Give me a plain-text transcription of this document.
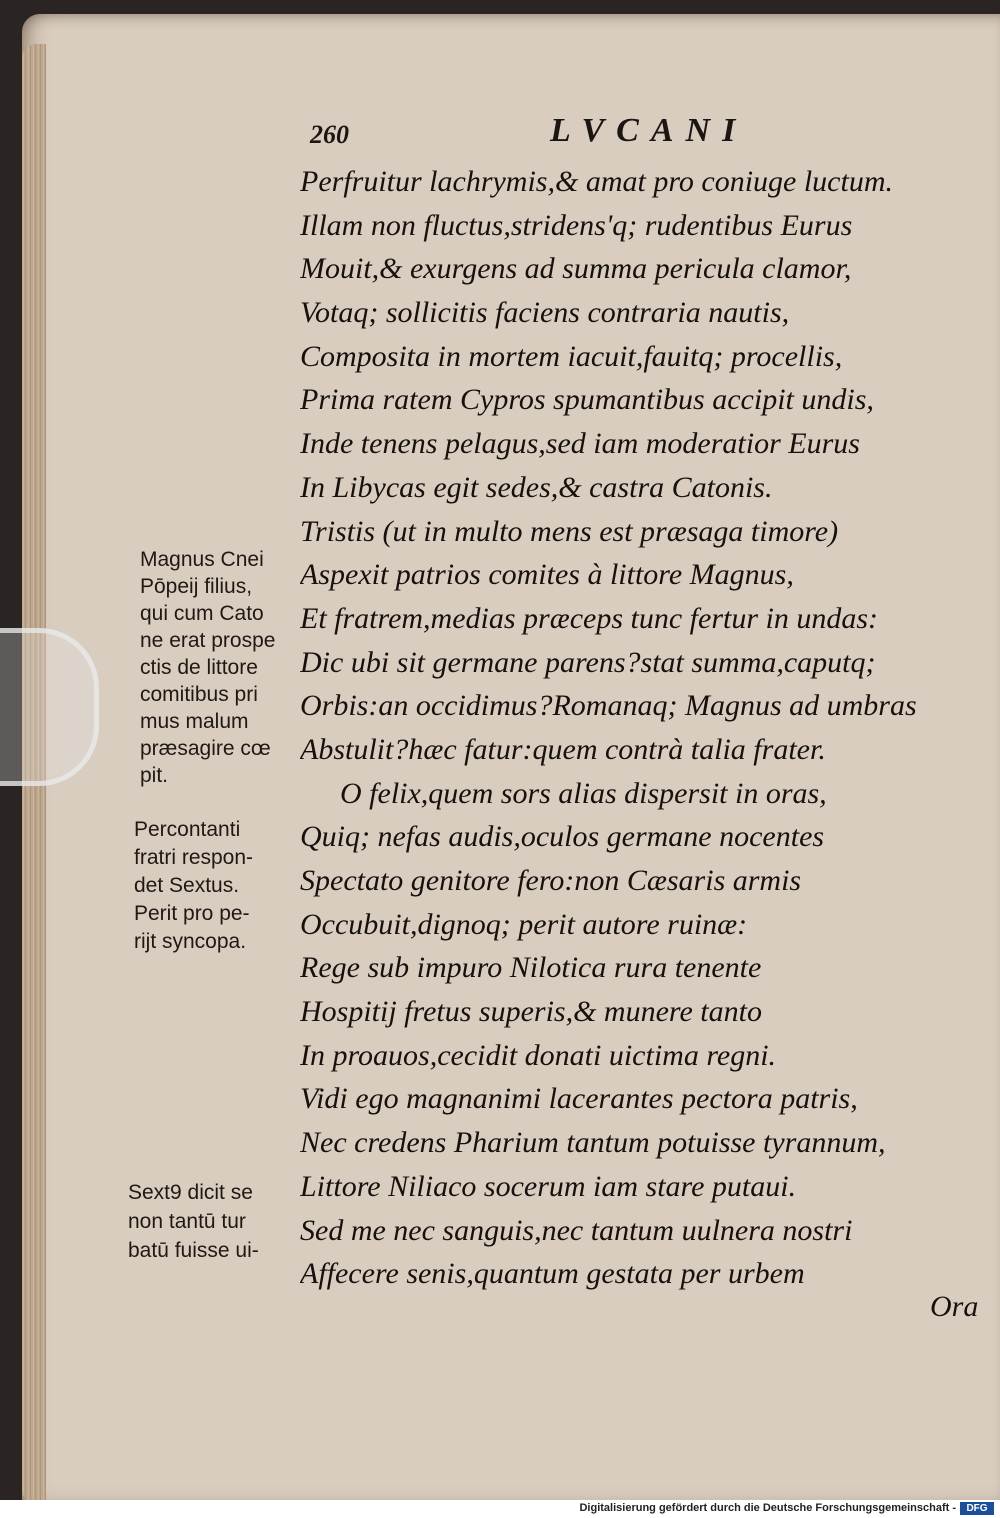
260	LVCANI
Perfruitur lachrymis,& amat pro coniuge luctum.
Illam non fluctus,stridens'q; rudentibus Eurus
Mouit,& exurgens ad summa pericula clamor,
Votaq; sollicitis faciens contraria nautis,
Composita in mortem iacuit,fauitq; procellis,
Prima ratem Cypros spumantibus accipit undis,
Inde tenens pelagus,sed iam moderatior Eurus
In Libycas egit sedes,& castra Catonis.
Tristis (ut in multo mens est præsaga timore)
Aspexit patrios comites à littore Magnus,
Et fratrem,medias præceps tunc fertur in undas:
Dic ubi sit germane parens?stat summa,caputq;
Orbis:an occidimus?Romanaq; Magnus ad umbras
Abstulit?hæc fatur:quem contrà talia frater.
O felix,quem sors alias dispersit in oras,
Quiq; nefas audis,oculos germane nocentes
Spectato genitore fero:non Cæsaris armis
Occubuit,dignoq; perit autore ruinæ:
Rege sub impuro Nilotica rura tenente
Hospitij fretus superis,& munere tanto
In proauos,cecidit donati uictima regni.
Vidi ego magnanimi lacerantes pectora patris,
Nec credens Pharium tantum potuisse tyrannum,
Littore Niliaco socerum iam stare putaui.
Sed me nec sanguis,nec tantum uulnera nostri
Affecere senis,quantum gestata per urbem
Magnus Cnei
Pōpeij filius,
qui cum Cato
ne erat prospe
ctis de littore
comitibus pri
mus malum
præsagire cœ
pit.
Percontanti
fratri respon-
det Sextus.
Perit pro pe-
rijt syncopa.
Sext9 dicit se
non tantū tur
batū fuisse ui-
Ora
Digitalisierung gefördert durch die Deutsche Forschungsgemeinschaft -	DFG
